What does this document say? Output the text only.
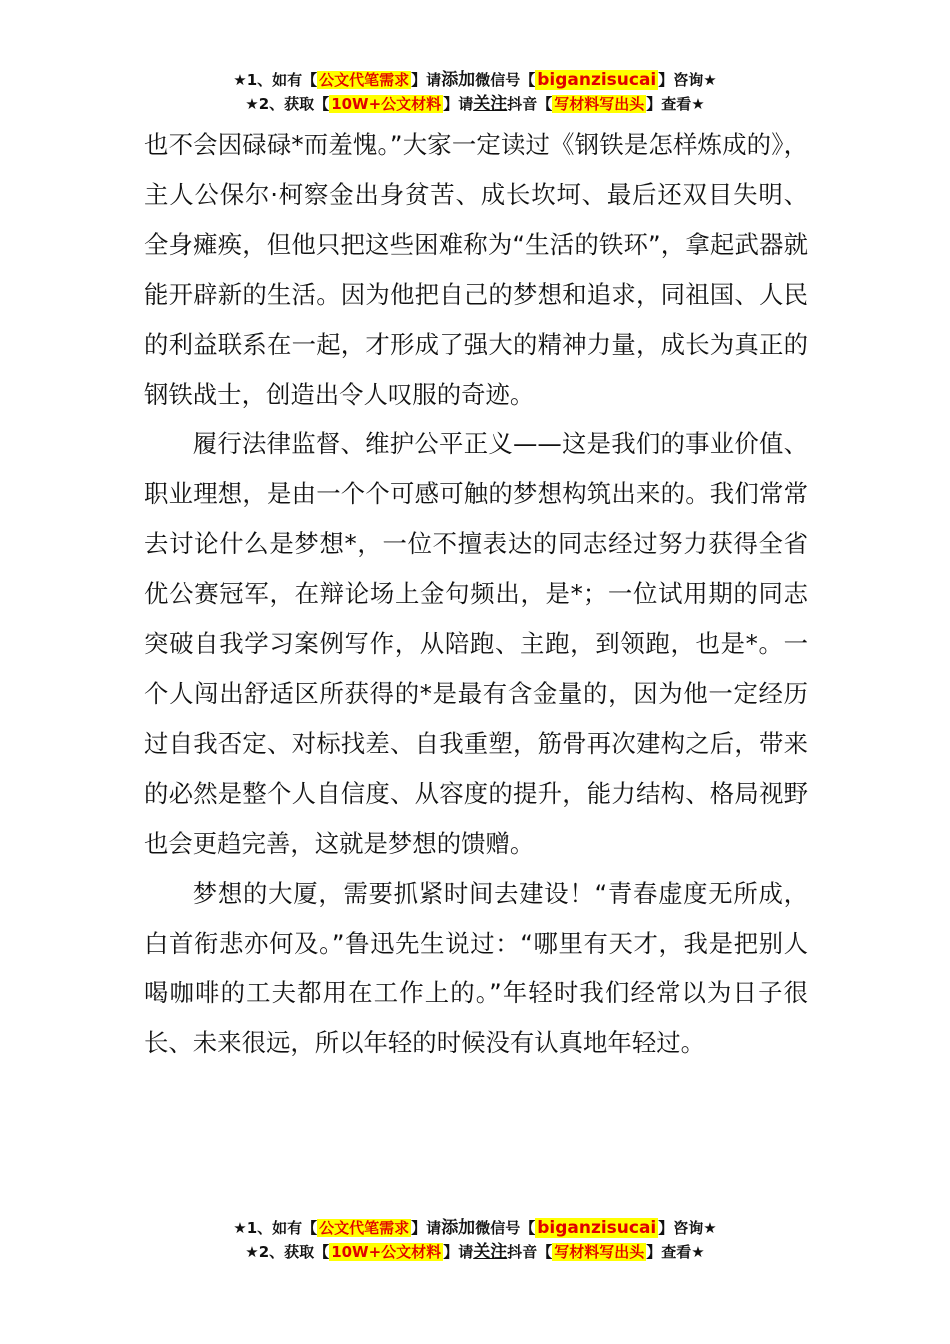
★1、如有【 公文代笔需求 】请添加微信号【 biganzisucai 】咨询★
★2、获取【 10W+公文材料 】请关注抖音【 写材料写出头 】查看★

也不会因碌碌*而羞愧。”大家一定读过《钢铁是怎样炼成的》，主人公保尔·柯察金出身贫苦、成长坎坷、最后还双目失明、全身瘫痪，但他只把这些困难称为“生活的铁环”，拿起武器就能开辟新的生活。因为他把自己的梦想和追求，同祖国、人民的利益联系在一起，才形成了强大的精神力量，成长为真正的钢铁战士，创造出令人叹服的奇迹。

履行法律监督、维护公平正义——这是我们的事业价值、职业理想，是由一个个可感可触的梦想构筑出来的。我们常常去讨论什么是梦想*，一位不擅表达的同志经过努力获得全省优公赛冠军，在辩论场上金句频出，是*；一位试用期的同志突破自我学习案例写作，从陪跑、主跑，到领跑，也是*。一个人闯出舒适区所获得的*是最有含金量的，因为他一定经历过自我否定、对标找差、自我重塑，筋骨再次建构之后，带来的必然是整个人自信度、从容度的提升，能力结构、格局视野也会更趋完善，这就是梦想的馈赠。

梦想的大厦，需要抓紧时间去建设！“青春虚度无所成，白首衔悲亦何及。”鲁迅先生说过：“哪里有天才，我是把别人喝咖啡的工夫都用在工作上的。”年轻时我们经常以为日子很长、未来很远，所以年轻的时候没有认真地年轻过。

★1、如有【 公文代笔需求 】请添加微信号【 biganzisucai 】咨询★
★2、获取【 10W+公文材料 】请关注抖音【 写材料写出头 】查看★
